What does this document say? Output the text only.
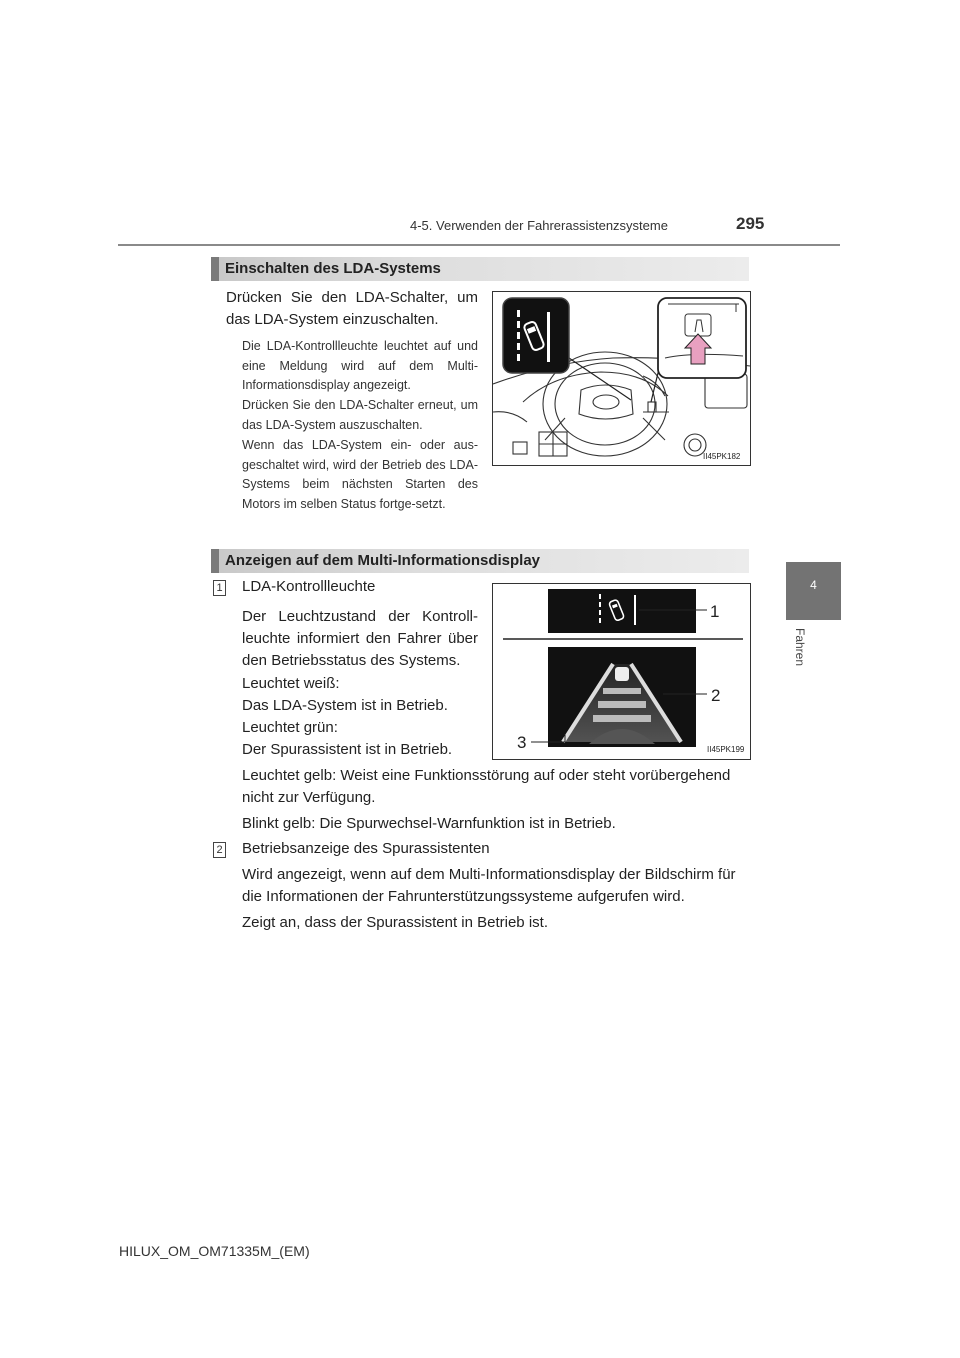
4-5. Verwenden der Fahrerassistenzsysteme	295
4
Fahren
Einschalten des LDA-Systems
Drücken Sie den LDA-Schalter, um das LDA-System einzuschalten.
Die LDA-Kontrollleuchte leuchtet auf und eine Meldung wird auf dem Multi-Informationsdisplay angezeigt.
Drücken Sie den LDA-Schalter erneut, um das LDA-System auszuschalten.
Wenn das LDA-System ein- oder aus-geschaltet wird, wird der Betrieb des LDA-Systems beim nächsten Starten des Motors im selben Status fortge-setzt.
II45PK182
Anzeigen auf dem Multi-Informationsdisplay
1
2
3	II45PK199
1 LDA-Kontrollleuchte
Der Leuchtzustand der Kontroll-leuchte informiert den Fahrer über den Betriebsstatus des Systems.
Leuchtet weiß:
Das LDA-System ist in Betrieb.
Leuchtet grün:
Der Spurassistent ist in Betrieb.
Leuchtet gelb: Weist eine Funktionsstörung auf oder steht vorübergehend
nicht zur Verfügung.
Blinkt gelb: Die Spurwechsel-Warnfunktion ist in Betrieb.
2 Betriebsanzeige des Spurassistenten
Wird angezeigt, wenn auf dem Multi-Informationsdisplay der Bildschirm für
die Informationen der Fahrunterstützungssysteme aufgerufen wird.
Zeigt an, dass der Spurassistent in Betrieb ist.
HILUX_OM_OM71335M_(EM)
